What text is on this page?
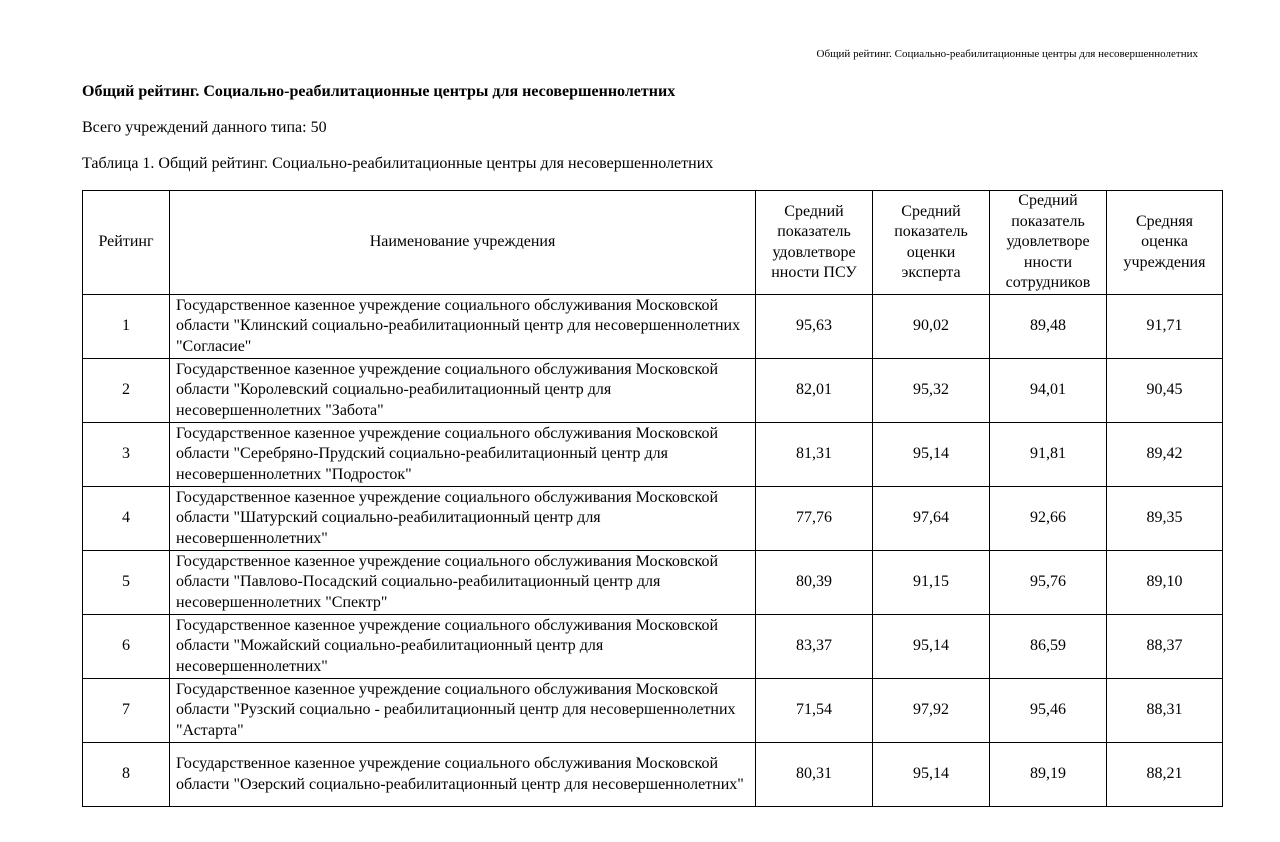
Общий рейтинг. Социально-реабилитационные центры для несовершеннолетних
Общий рейтинг. Социально-реабилитационные центры для несовершеннолетних
Всего учреждений данного типа: 50
Таблица 1. Общий рейтинг. Социально-реабилитационные центры для несовершеннолетних
Рейтинг	Наименование учреждения	Средний показатель удовлетворе нности ПСУ	Средний показатель оценки эксперта	Средний показатель удовлетворе нности сотрудников	Средняя оценка учреждения
1	Государственное казенное учреждение социального обслуживания Московской области "Клинский социально-реабилитационный центр для несовершеннолетних "Согласие"	95,63	90,02	89,48	91,71
2	Государственное казенное учреждение социального обслуживания Московской области "Королевский социально-реабилитационный центр для несовершеннолетних "Забота"	82,01	95,32	94,01	90,45
3	Государственное казенное учреждение социального обслуживания Московской области "Серебряно-Прудский социально-реабилитационный центр для несовершеннолетних "Подросток"	81,31	95,14	91,81	89,42
4	Государственное казенное учреждение социального обслуживания Московской области "Шатурский социально-реабилитационный центр для несовершеннолетних"	77,76	97,64	92,66	89,35
5	Государственное казенное учреждение социального обслуживания Московской области "Павлово-Посадский социально-реабилитационный центр для несовершеннолетних "Спектр"	80,39	91,15	95,76	89,10
6	Государственное казенное учреждение социального обслуживания Московской области "Можайский социально-реабилитационный центр для несовершеннолетних"	83,37	95,14	86,59	88,37
7	Государственное казенное учреждение социального обслуживания Московской области "Рузский социально - реабилитационный центр для несовершеннолетних "Астарта"	71,54	97,92	95,46	88,31
8	Государственное казенное учреждение социального обслуживания Московской области "Озерский социально-реабилитационный центр для несовершеннолетних"	80,31	95,14	89,19	88,21
